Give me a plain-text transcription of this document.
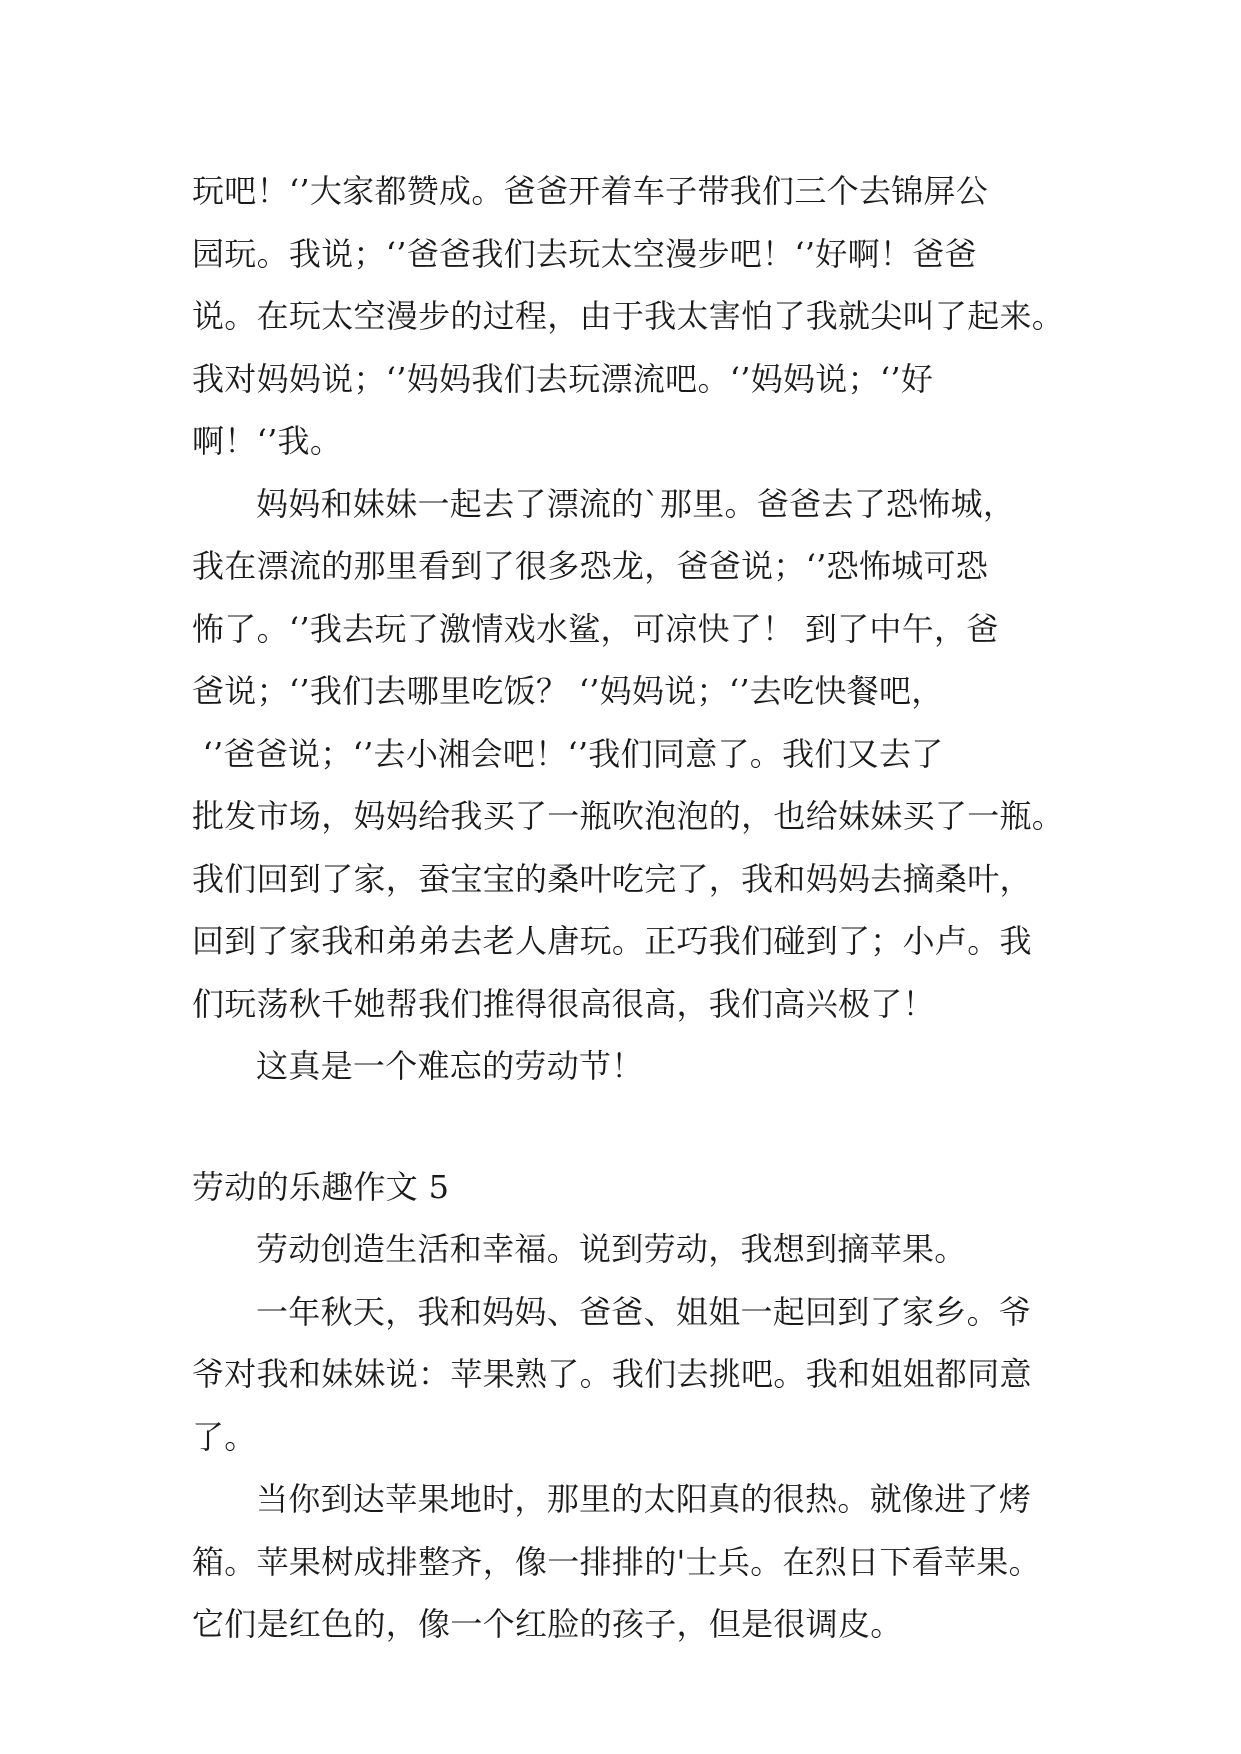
玩吧！‘’大家都赞成。爸爸开着车子带我们三个去锦屏公
园玩。我说；‘’爸爸我们去玩太空漫步吧！‘’好啊！爸爸
说。在玩太空漫步的过程，由于我太害怕了我就尖叫了起来。
我对妈妈说；‘’妈妈我们去玩漂流吧。‘’妈妈说；‘’好
啊！‘’我。
妈妈和妹妹一起去了漂流的`那里。爸爸去了恐怖城，
我在漂流的那里看到了很多恐龙，爸爸说；‘’恐怖城可恐
怖了。‘’我去玩了激情戏水鲨，可凉快了！ 到了中午，爸
爸说；‘’我们去哪里吃饭？ ‘’妈妈说；‘’去吃快餐吧，
‘’爸爸说；‘’去小湘会吧！‘’我们同意了。我们又去了
批发市场，妈妈给我买了一瓶吹泡泡的，也给妹妹买了一瓶。
我们回到了家，蚕宝宝的桑叶吃完了，我和妈妈去摘桑叶，
回到了家我和弟弟去老人唐玩。正巧我们碰到了；小卢。我
们玩荡秋千她帮我们推得很高很高，我们高兴极了！
这真是一个难忘的劳动节！
劳动的乐趣作文 5
劳动创造生活和幸福。说到劳动，我想到摘苹果。
一年秋天，我和妈妈、爸爸、姐姐一起回到了家乡。爷
爷对我和妹妹说：苹果熟了。我们去挑吧。我和姐姐都同意
了。
当你到达苹果地时，那里的太阳真的很热。就像进了烤
箱。苹果树成排整齐，像一排排的'士兵。在烈日下看苹果。
它们是红色的，像一个红脸的孩子，但是很调皮。
